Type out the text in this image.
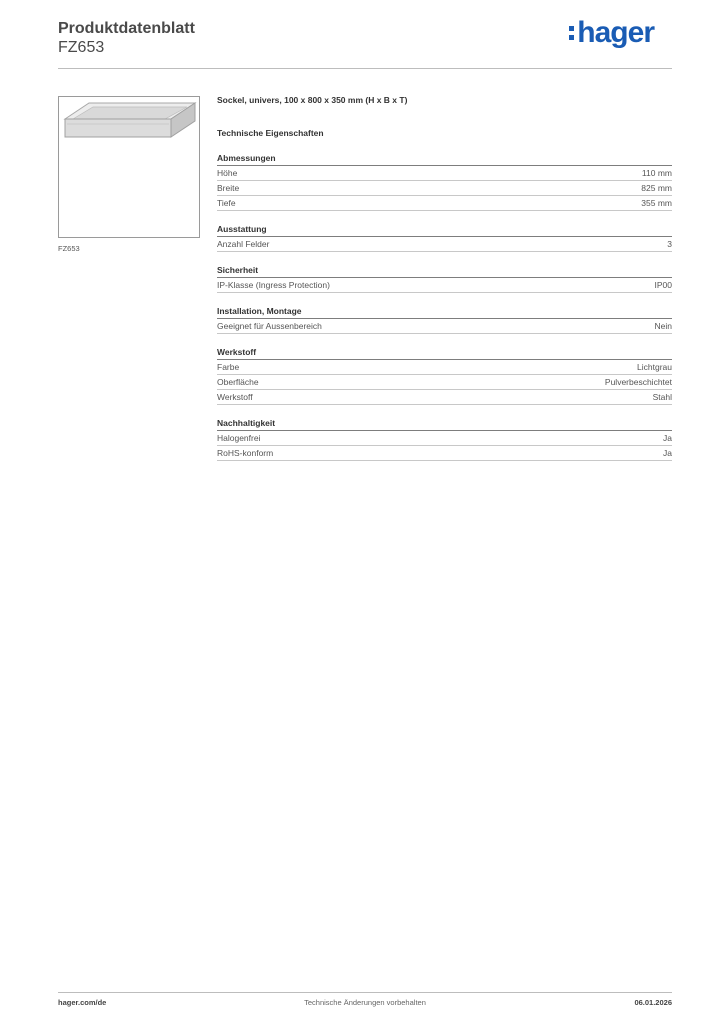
Produktdatenblatt
FZ653	hager
FZ653
Sockel, univers, 100 x 800 x 350 mm (H x B x T)
Technische Eigenschaften
Abmessungen
Höhe	110 mm
Breite	825 mm
Tiefe	355 mm
Ausstattung
Anzahl Felder	3
Sicherheit
IP-Klasse (Ingress Protection)	IP00
Installation, Montage
Geeignet für Aussenbereich	Nein
Werkstoff
Farbe	Lichtgrau
Oberfläche	Pulverbeschichtet
Werkstoff	Stahl
Nachhaltigkeit
Halogenfrei	Ja
RoHS-konform	Ja
hager.com/de	Technische Änderungen vorbehalten	06.01.2026
